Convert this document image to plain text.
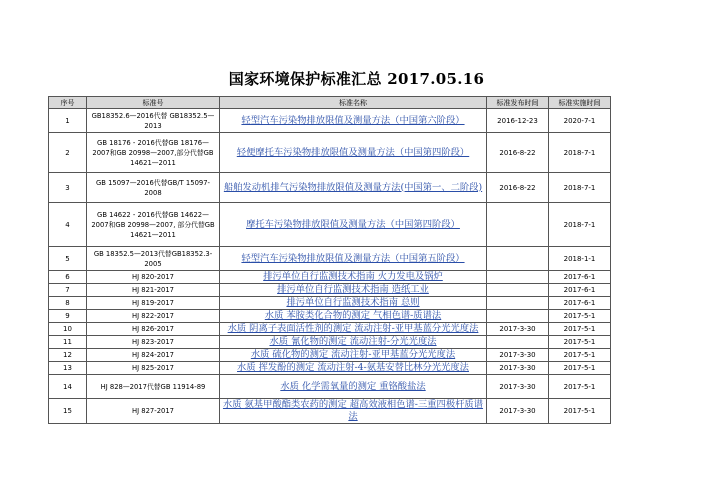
国家环境保护标准汇总 2017.05.16
序号	标准号	标准名称	标准发布时间	标准实施时间
1	GB18352.6—2016代替 GB18352.5—2013	轻型汽车污染物排放限值及测量方法（中国第六阶段）	2016-12-23	2020-7-1
2	GB 18176 - 2016代替GB 18176—2007和GB 20998—2007,部分代替GB 14621—2011	轻便摩托车污染物排放限值及测量方法（中国第四阶段）	2016-8-22	2018-7-1
3	GB 15097—2016代替GB/T 15097-2008	船舶发动机排气污染物排放限值及测量方法(中国第一、二阶段)	2016-8-22	2018-7-1
4	GB 14622 - 2016代替GB 14622—2007和GB 20998—2007, 部分代替GB 14621—2011	摩托车污染物排放限值及测量方法（中国第四阶段）		2018-7-1
5	GB 18352.5—2013代替GB18352.3-2005	轻型汽车污染物排放限值及测量方法（中国第五阶段）		2018-1-1
6	HJ 820-2017	排污单位自行监测技术指南 火力发电及锅炉		2017-6-1
7	HJ 821-2017	排污单位自行监测技术指南 造纸工业		2017-6-1
8	HJ 819-2017	排污单位自行监测技术指南 总则		2017-6-1
9	HJ 822-2017	水质 苯胺类化合物的测定 气相色谱-质谱法		2017-5-1
10	HJ 826-2017	水质 阴离子表面活性剂的测定 流动注射-亚甲基蓝分光光度法	2017-3-30	2017-5-1
11	HJ 823-2017	水质 氰化物的测定 流动注射-分光光度法		2017-5-1
12	HJ 824-2017	水质 硫化物的测定 流动注射-亚甲基蓝分光光度法	2017-3-30	2017-5-1
13	HJ 825-2017	水质 挥发酚的测定 流动注射-4-氨基安替比林分光光度法	2017-3-30	2017-5-1
14	HJ 828—2017代替GB 11914-89	水质 化学需氧量的测定 重铬酸盐法	2017-3-30	2017-5-1
15	HJ 827-2017	水质 氨基甲酸酯类农药的测定 超高效液相色谱-三重四极杆质谱法	2017-3-30	2017-5-1
